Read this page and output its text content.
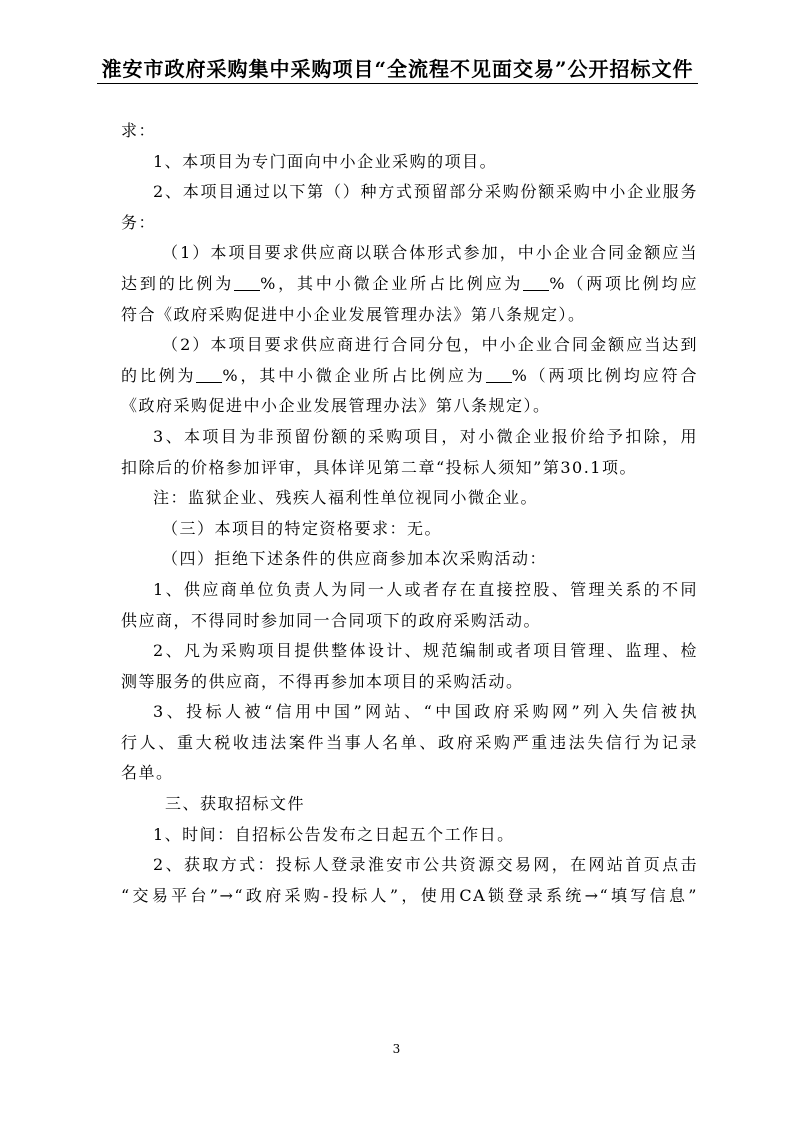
淮安市政府采购集中采购项目“全流程不见面交易”公开招标文件
求：
1、本项目为专门面向中小企业采购的项目。
2、本项目通过以下第（）种方式预留部分采购份额采购中小企业服务
务：
（1）本项目要求供应商以联合体形式参加，中小企业合同金额应当
达到的比例为 %，其中小微企业所占比例应为 %（两项比例均应
符合《政府采购促进中小企业发展管理办法》第八条规定）。
（2）本项目要求供应商进行合同分包，中小企业合同金额应当达到
的比例为 %，其中小微企业所占比例应为 %（两项比例均应符合
《政府采购促进中小企业发展管理办法》第八条规定）。
3、本项目为非预留份额的采购项目，对小微企业报价给予扣除，用
扣除后的价格参加评审，具体详见第二章“投标人须知”第30.1项。
注：监狱企业、残疾人福利性单位视同小微企业。
（三）本项目的特定资格要求：无。
（四）拒绝下述条件的供应商参加本次采购活动：
1、供应商单位负责人为同一人或者存在直接控股、管理关系的不同
供应商，不得同时参加同一合同项下的政府采购活动。
2、凡为采购项目提供整体设计、规范编制或者项目管理、监理、检
测等服务的供应商，不得再参加本项目的采购活动。
3、投标人被“信用中国”网站、“中国政府采购网”列入失信被执
行人、重大税收违法案件当事人名单、政府采购严重违法失信行为记录
名单。
三、获取招标文件
1、时间：自招标公告发布之日起五个工作日。
2、获取方式：投标人登录淮安市公共资源交易网，在网站首页点击
“交易平台”→“政府采购-投标人”，使用CA锁登录系统→“填写信息”
3
